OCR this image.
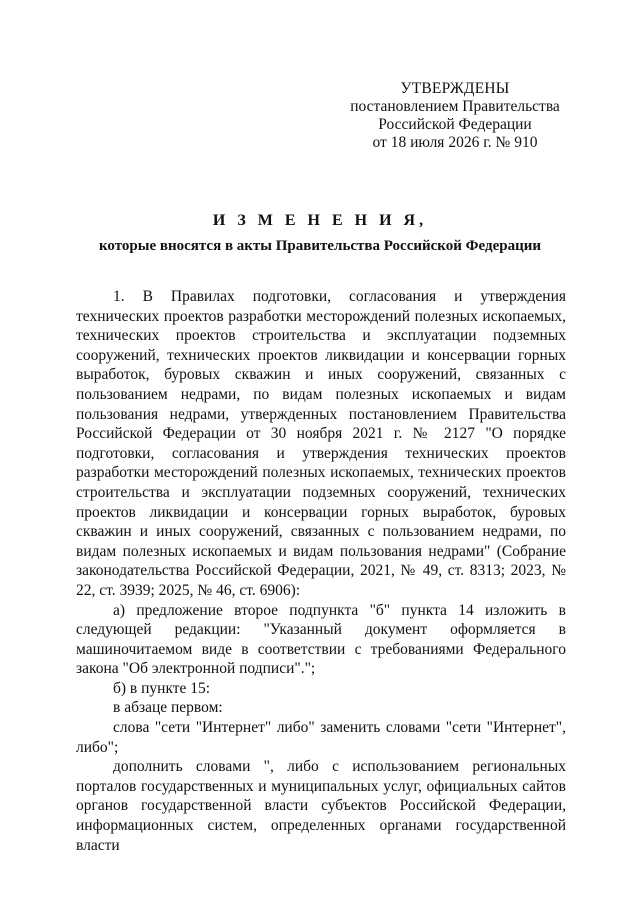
УТВЕРЖДЕНЫ
постановлением Правительства
Российской Федерации
от 18 июля 2026 г. № 910
И З М Е Н Е Н И Я,
которые вносятся в акты Правительства Российской Федерации

1. В Правилах подготовки, согласования и утверждения технических проектов разработки месторождений полезных ископаемых, технических проектов строительства и эксплуатации подземных сооружений, технических проектов ликвидации и консервации горных выработок, буровых скважин и иных сооружений, связанных с пользованием недрами, по видам полезных ископаемых и видам пользования недрами, утвержденных постановлением Правительства Российской Федерации от 30 ноября 2021 г. № 2127 "О порядке подготовки, согласования и утверждения технических проектов разработки месторождений полезных ископаемых, технических проектов строительства и эксплуатации подземных сооружений, технических проектов ликвидации и консервации горных выработок, буровых скважин и иных сооружений, связанных с пользованием недрами, по видам полезных ископаемых и видам пользования недрами" (Собрание законодательства Российской Федерации, 2021, № 49, ст. 8313; 2023, № 22, ст. 3939; 2025, № 46, ст. 6906):

а) предложение второе подпункта "б" пункта 14 изложить в следующей редакции: "Указанный документ оформляется в машиночитаемом виде в соответствии с требованиями Федерального закона "Об электронной подписи".";

б) в пункте 15:

в абзаце первом:

слова "сети "Интернет" либо" заменить словами "сети "Интернет", либо";

дополнить словами ", либо с использованием региональных порталов государственных и муниципальных услуг, официальных сайтов органов государственной власти субъектов Российской Федерации, информационных систем, определенных органами государственной власти
